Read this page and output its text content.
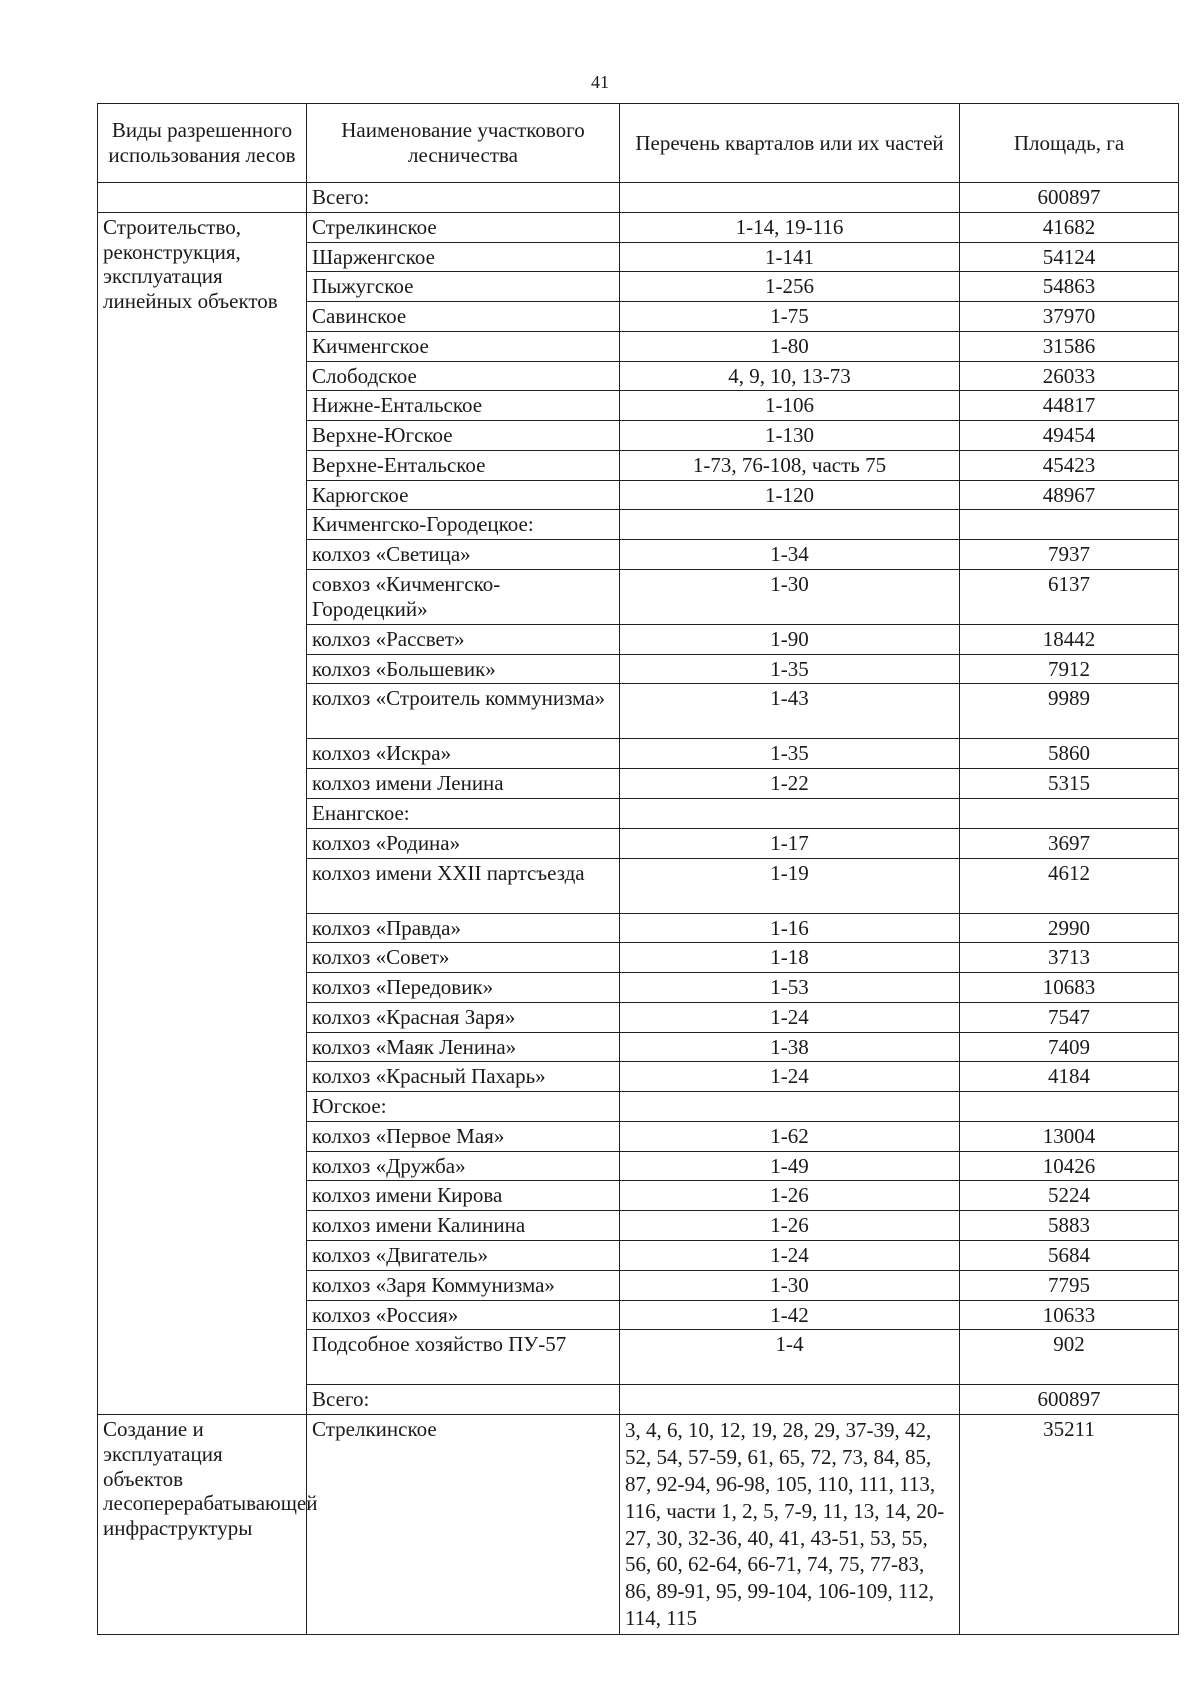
41
Виды разрешенного использования лесов	Наименование участкового лесничества	Перечень кварталов или их частей	Площадь, га
	Всего:		600897
Строительство, реконструкция, эксплуатация линейных объектов	Стрелкинское	1-14, 19-116	41682
	Шарженгское	1-141	54124
	Пыжугское	1-256	54863
	Савинское	1-75	37970
	Кичменгское	1-80	31586
	Слободское	4, 9, 10, 13-73	26033
	Нижне-Ентальское	1-106	44817
	Верхне-Югское	1-130	49454
	Верхне-Ентальское	1-73, 76-108, часть 75	45423
	Карюгское	1-120	48967
	Кичменгско-Городецкое:		
	колхоз «Светица»	1-34	7937
	совхоз «Кичменгско-Городецкий»	1-30	6137
	колхоз «Рассвет»	1-90	18442
	колхоз «Большевик»	1-35	7912
	колхоз «Строитель коммунизма»	1-43	9989
	колхоз «Искра»	1-35	5860
	колхоз имени Ленина	1-22	5315
	Енангское:		
	колхоз «Родина»	1-17	3697
	колхоз имени XXII партсъезда	1-19	4612
	колхоз «Правда»	1-16	2990
	колхоз «Совет»	1-18	3713
	колхоз «Передовик»	1-53	10683
	колхоз «Красная Заря»	1-24	7547
	колхоз «Маяк Ленина»	1-38	7409
	колхоз «Красный Пахарь»	1-24	4184
	Югское:		
	колхоз «Первое Мая»	1-62	13004
	колхоз «Дружба»	1-49	10426
	колхоз имени Кирова	1-26	5224
	колхоз имени Калинина	1-26	5883
	колхоз «Двигатель»	1-24	5684
	колхоз «Заря Коммунизма»	1-30	7795
	колхоз «Россия»	1-42	10633
	Подсобное хозяйство ПУ-57	1-4	902
	Всего:		600897
Создание и эксплуатация объектов лесоперерабатывающей инфраструктуры	Стрелкинское	3, 4, 6, 10, 12, 19, 28, 29, 37-39, 42, 52, 54, 57-59, 61, 65, 72, 73, 84, 85, 87, 92-94, 96-98, 105, 110, 111, 113, 116, части 1, 2, 5, 7-9, 11, 13, 14, 20-27, 30, 32-36, 40, 41, 43-51, 53, 55, 56, 60, 62-64, 66-71, 74, 75, 77-83, 86, 89-91, 95, 99-104, 106-109, 112, 114, 115	35211
